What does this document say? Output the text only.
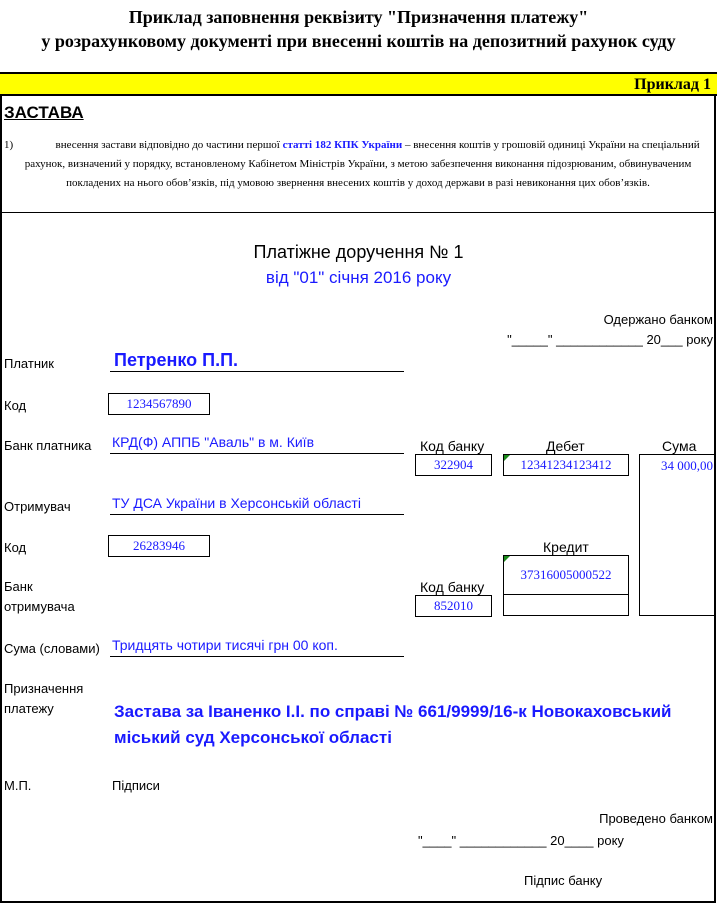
Приклад заповнення реквізиту "Призначення платежу"
у розрахунковому документі при внесенні коштів на депозитний рахунок суду
Приклад 1
ЗАСТАВА
1)	внесення застави відповідно до частини першої статті 182 КПК України – внесення коштів у грошовій одиниці України на спеціальний рахунок, визначений у порядку, встановленому Кабінетом Міністрів України, з метою забезпечення виконання підозрюваним, обвинуваченим покладених на нього обов’язків, під умовою звернення внесених коштів у доход держави в разі невиконання цих обов’язків.
Платіжне доручення № 1
від "01" січня 2016 року
Одержано банком
"_____" ____________ 20___ року
Платник	Петренко П.П.
Код	1234567890
Банк платника КРД(Ф) АППБ "Аваль" в м. Київ	Код банку	Дебет	Сума
322904	12341234123412	34 000,00
Отримувач	ТУ ДСА України в Херсонській області
Код	26283946	Кредит
37316005000522
Банк
отримувача
Код банку
852010
Сума (словами) Тридцять чотири тисячі грн 00 коп.
Призначення
платежу	Застава за Іваненко І.І. по справі № 661/9999/16-к Новокаховський міський суд Херсонської області
М.П.	Підписи
Проведено банком
"____" ____________ 20____ року
Підпис банку
